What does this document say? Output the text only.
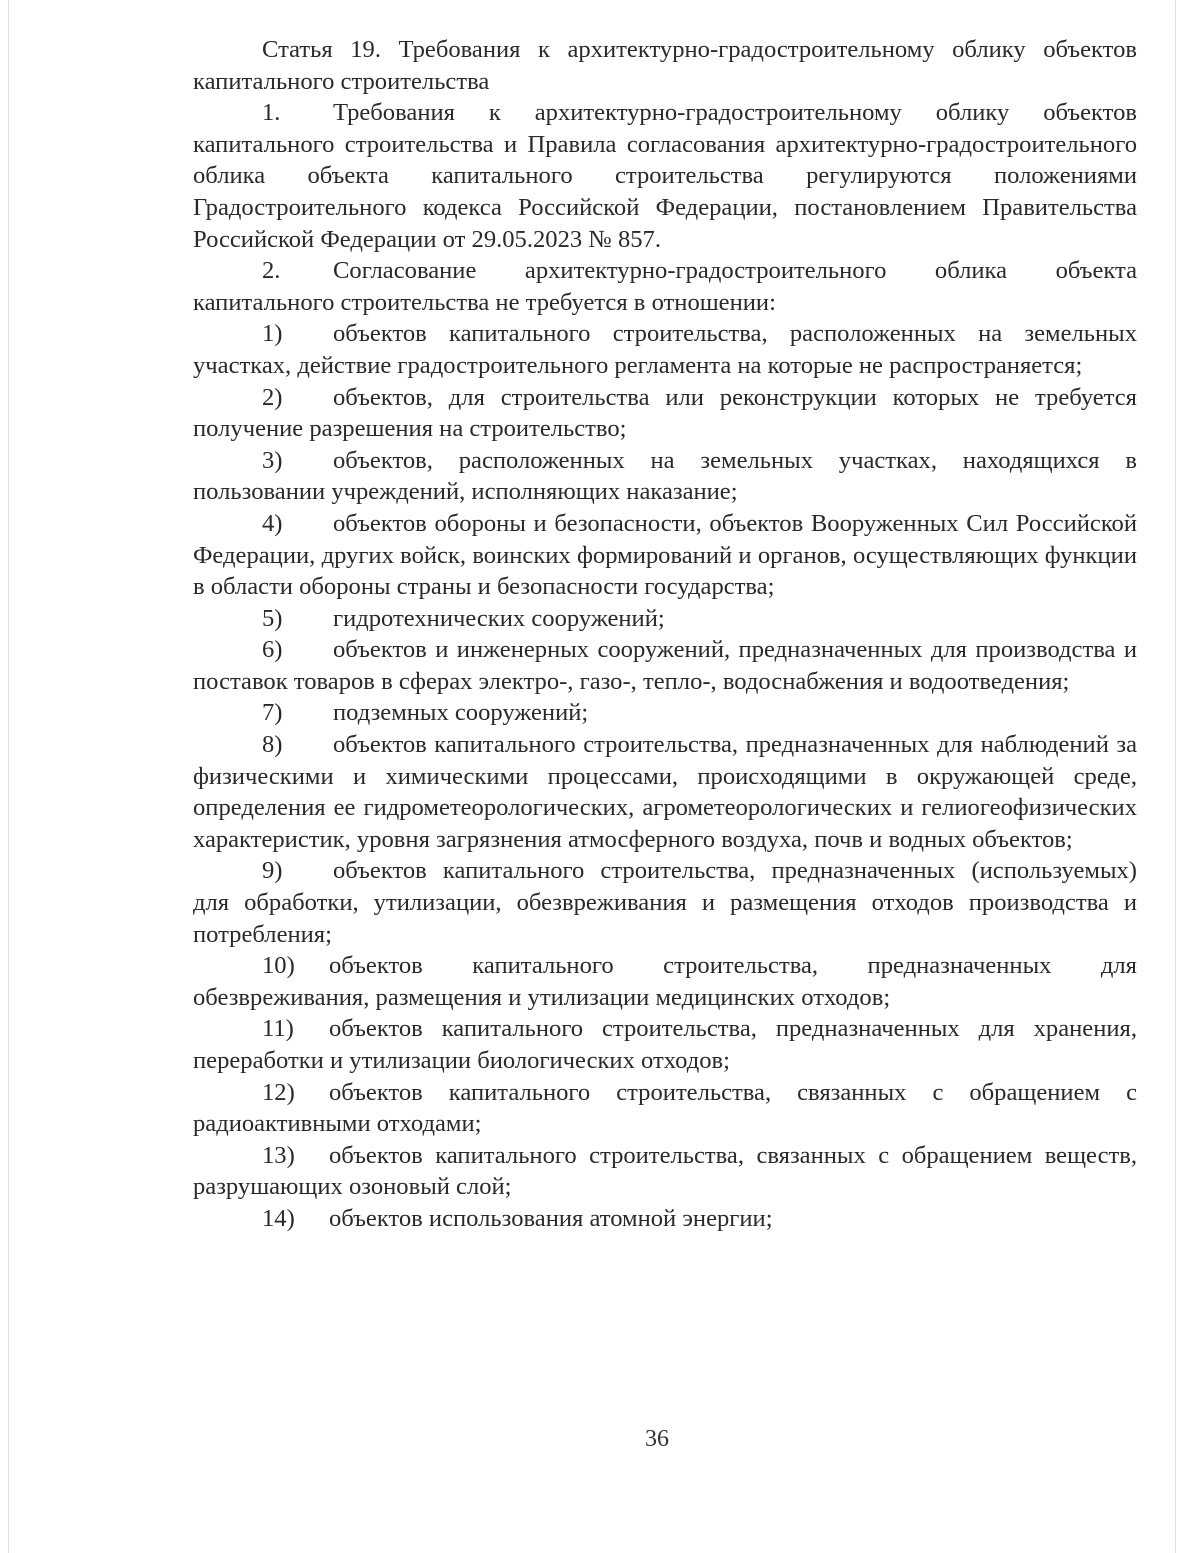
Статья 19. Требования к архитектурно-градостроительному облику объектов капитального строительства

1. Требования к архитектурно-градостроительному облику объектов капитального строительства и Правила согласования архитектурно-градостроительного облика объекта капитального строительства регулируются положениями Градостроительного кодекса Российской Федерации, постановлением Правительства Российской Федерации от 29.05.2023 № 857.

2. Согласование архитектурно-градостроительного облика объекта капитального строительства не требуется в отношении:

1) объектов капитального строительства, расположенных на земельных участках, действие градостроительного регламента на которые не распространяется;

2) объектов, для строительства или реконструкции которых не требуется получение разрешения на строительство;

3) объектов, расположенных на земельных участках, находящихся в пользовании учреждений, исполняющих наказание;

4) объектов обороны и безопасности, объектов Вооруженных Сил Российской Федерации, других войск, воинских формирований и органов, осуществляющих функции в области обороны страны и безопасности государства;

5) гидротехнических сооружений;

6) объектов и инженерных сооружений, предназначенных для производства и поставок товаров в сферах электро-, газо-, тепло-, водоснабжения и водоотведения;

7) подземных сооружений;

8) объектов капитального строительства, предназначенных для наблюдений за физическими и химическими процессами, происходящими в окружающей среде, определения ее гидрометеорологических, агрометеорологических и гелиогеофизических характеристик, уровня загрязнения атмосферного воздуха, почв и водных объектов;

9) объектов капитального строительства, предназначенных (используемых) для обработки, утилизации, обезвреживания и размещения отходов производства и потребления;

10) объектов капитального строительства, предназначенных для обезвреживания, размещения и утилизации медицинских отходов;

11) объектов капитального строительства, предназначенных для хранения, переработки и утилизации биологических отходов;

12) объектов капитального строительства, связанных с обращением с радиоактивными отходами;

13) объектов капитального строительства, связанных с обращением веществ, разрушающих озоновый слой;

14) объектов использования атомной энергии;

36
